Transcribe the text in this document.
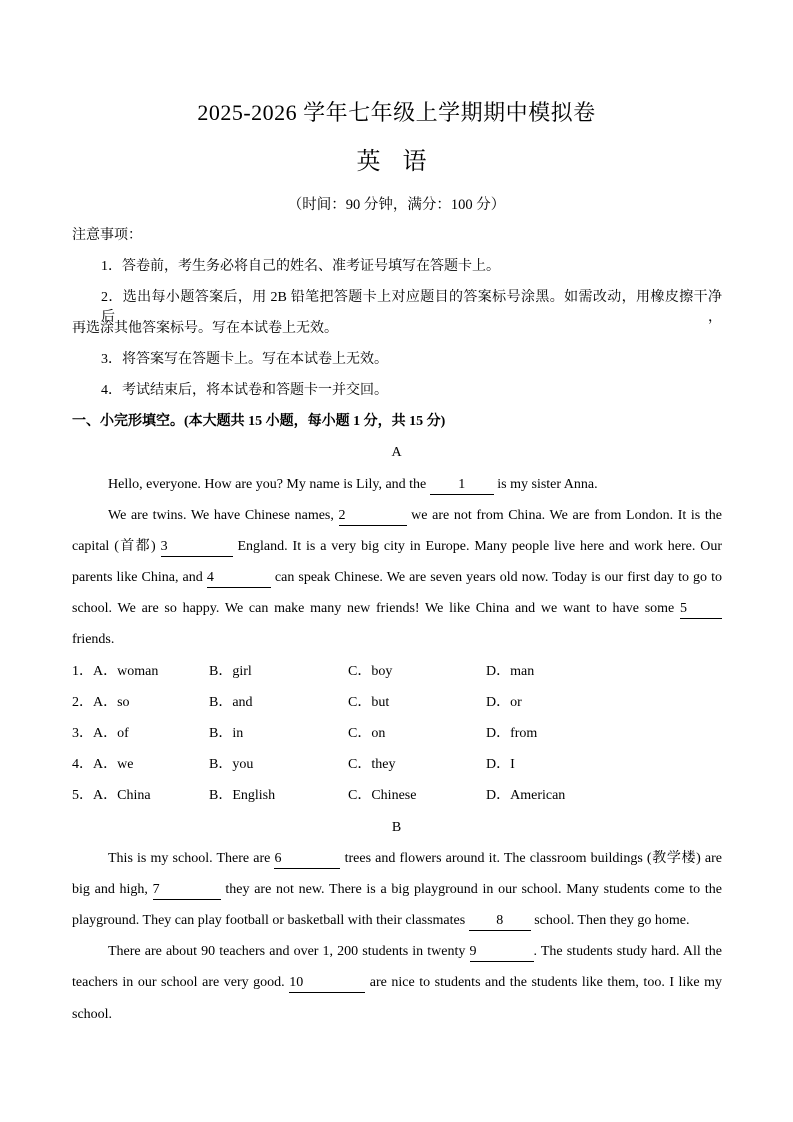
2025-2026 学年七年级上学期期中模拟卷
英 语
（时间：90 分钟，满分：100 分）
注意事项：
1．答卷前，考生务必将自己的姓名、准考证号填写在答题卡上。
2．选出每小题答案后，用 2B 铅笔把答题卡上对应题目的答案标号涂黑。如需改动，用橡皮擦干净后，
再选涂其他答案标号。写在本试卷上无效。
3．将答案写在答题卡上。写在本试卷上无效。
4．考试结束后，将本试卷和答题卡一并交回。
一、小完形填空。(本大题共 15 小题，每小题 1 分，共 15 分)
A
Hello, everyone. How are you? My name is Lily, and the 1 is my sister Anna.
We are twins. We have Chinese names, 2	we are not from China. We are from London. It is the
capital (首都) 3	England. It is a very big city in Europe. Many people live here and work here. Our
parents like China, and 4	can speak Chinese. We are seven years old now. Today is our first day to go to
school. We are so happy. We can make many new friends! We like China and we want to have some 5
friends.
1．A．woman	B．girl	C．boy	D．man
2．A．so	B．and	C．but	D．or
3．A．of	B．in	C．on	D．from
4．A．we	B．you	C．they	D．I
5．A．China	B．English	C．Chinese	D．American
B
This is my school. There are 6	trees and flowers around it. The classroom buildings (教学楼) are
big and high, 7	they are not new. There is a big playground in our school. Many students come to the
playground. They can play football or basketball with their classmates 8 school. Then they go home.
There are about 90 teachers and over 1, 200 students in twenty 9	. The students study hard. All the
teachers in our school are very good. 10	are nice to students and the students like them, too. I like my
school.
